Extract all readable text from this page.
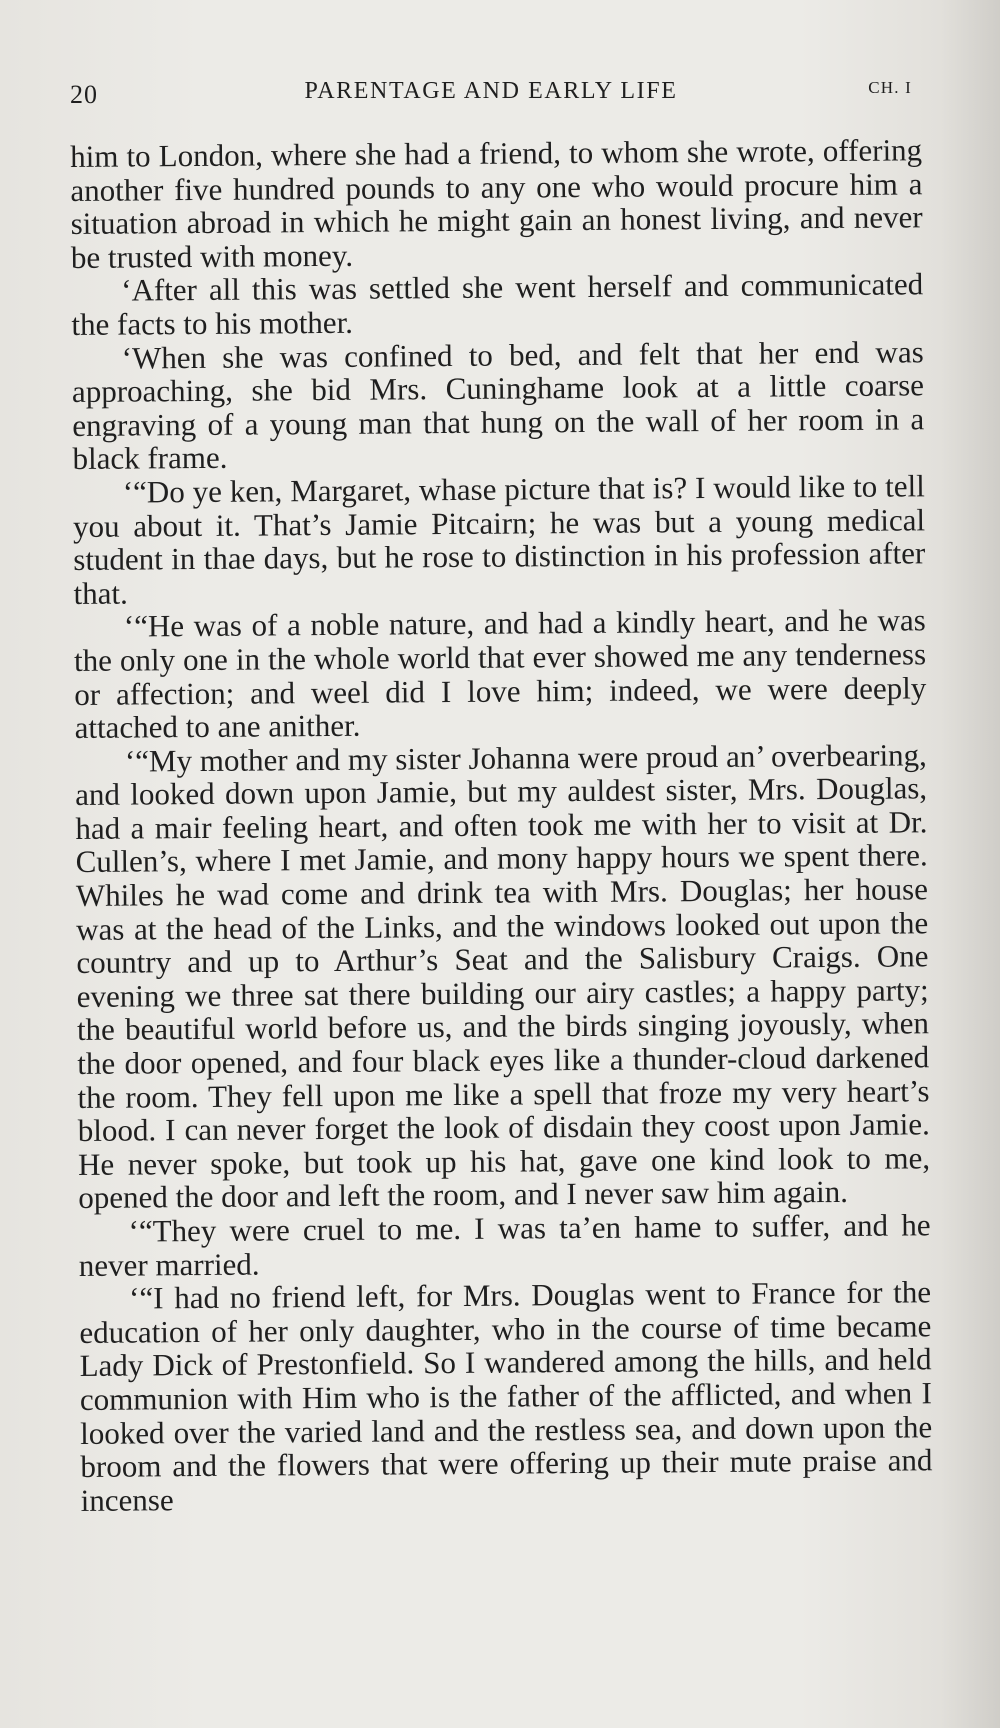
20	PARENTAGE AND EARLY LIFE	CH. I

him to London, where she had a friend, to whom she wrote, offering another five hundred pounds to any one who would procure him a situation abroad in which he might gain an honest living, and never be trusted with money.

‘After all this was settled she went herself and communicated the facts to his mother.

‘When she was confined to bed, and felt that her end was approaching, she bid Mrs. Cuninghame look at a little coarse engraving of a young man that hung on the wall of her room in a black frame.

‘“Do ye ken, Margaret, whase picture that is? I would like to tell you about it. That’s Jamie Pitcairn; he was but a young medical student in thae days, but he rose to distinction in his profession after that.

‘“He was of a noble nature, and had a kindly heart, and he was the only one in the whole world that ever showed me any tenderness or affection; and weel did I love him; indeed, we were deeply attached to ane anither.

‘“My mother and my sister Johanna were proud an’ overbearing, and looked down upon Jamie, but my auldest sister, Mrs. Douglas, had a mair feeling heart, and often took me with her to visit at Dr. Cullen’s, where I met Jamie, and mony happy hours we spent there. Whiles he wad come and drink tea with Mrs. Douglas; her house was at the head of the Links, and the windows looked out upon the country and up to Arthur’s Seat and the Salisbury Craigs. One evening we three sat there building our airy castles; a happy party; the beautiful world before us, and the birds singing joyously, when the door opened, and four black eyes like a thunder-cloud darkened the room. They fell upon me like a spell that froze my very heart’s blood. I can never forget the look of disdain they coost upon Jamie. He never spoke, but took up his hat, gave one kind look to me, opened the door and left the room, and I never saw him again.

‘“They were cruel to me. I was ta’en hame to suffer, and he never married.

‘“I had no friend left, for Mrs. Douglas went to France for the education of her only daughter, who in the course of time became Lady Dick of Prestonfield. So I wandered among the hills, and held communion with Him who is the father of the afflicted, and when I looked over the varied land and the restless sea, and down upon the broom and the flowers that were offering up their mute praise and incense
